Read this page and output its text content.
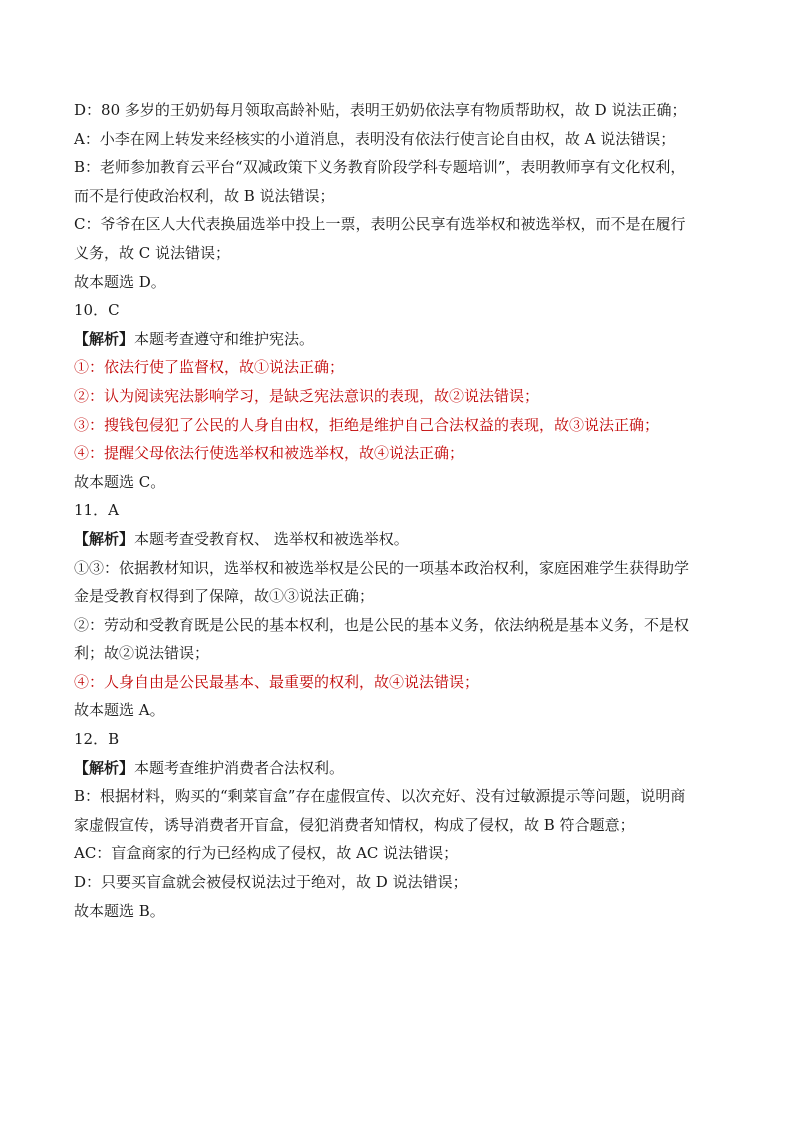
D：80 多岁的王奶奶每月领取高龄补贴，表明王奶奶依法享有物质帮助权，故 D 说法正确；

A：小李在网上转发来经核实的小道消息，表明没有依法行使言论自由权，故 A 说法错误；

B：老师参加教育云平台“双减政策下义务教育阶段学科专题培训”，表明教师享有文化权利，

而不是行使政治权利，故 B 说法错误；

C：爷爷在区人大代表换届选举中投上一票，表明公民享有选举权和被选举权，而不是在履行

义务，故 C 说法错误；

故本题选 D。

10．C

【解析】本题考查遵守和维护宪法。

①：依法行使了监督权，故①说法正确；

②：认为阅读宪法影响学习，是缺乏宪法意识的表现，故②说法错误；

③：搜钱包侵犯了公民的人身自由权，拒绝是维护自己合法权益的表现，故③说法正确；

④：提醒父母依法行使选举权和被选举权，故④说法正确；

故本题选 C。

11．A

【解析】本题考查受教育权、 选举权和被选举权。

①③：依据教材知识，选举权和被选举权是公民的一项基本政治权利，家庭困难学生获得助学

金是受教育权得到了保障，故①③说法正确；

②：劳动和受教育既是公民的基本权利，也是公民的基本义务，依法纳税是基本义务，不是权

利；故②说法错误；

④：人身自由是公民最基本、最重要的权利，故④说法错误；

故本题选 A。

12．B

【解析】本题考查维护消费者合法权利。

B：根据材料，购买的“剩菜盲盒”存在虚假宣传、以次充好、没有过敏源提示等问题，说明商

家虚假宣传，诱导消费者开盲盒，侵犯消费者知情权，构成了侵权，故 B 符合题意；

AC：盲盒商家的行为已经构成了侵权，故 AC 说法错误；

D：只要买盲盒就会被侵权说法过于绝对，故 D 说法错误；

故本题选 B。
